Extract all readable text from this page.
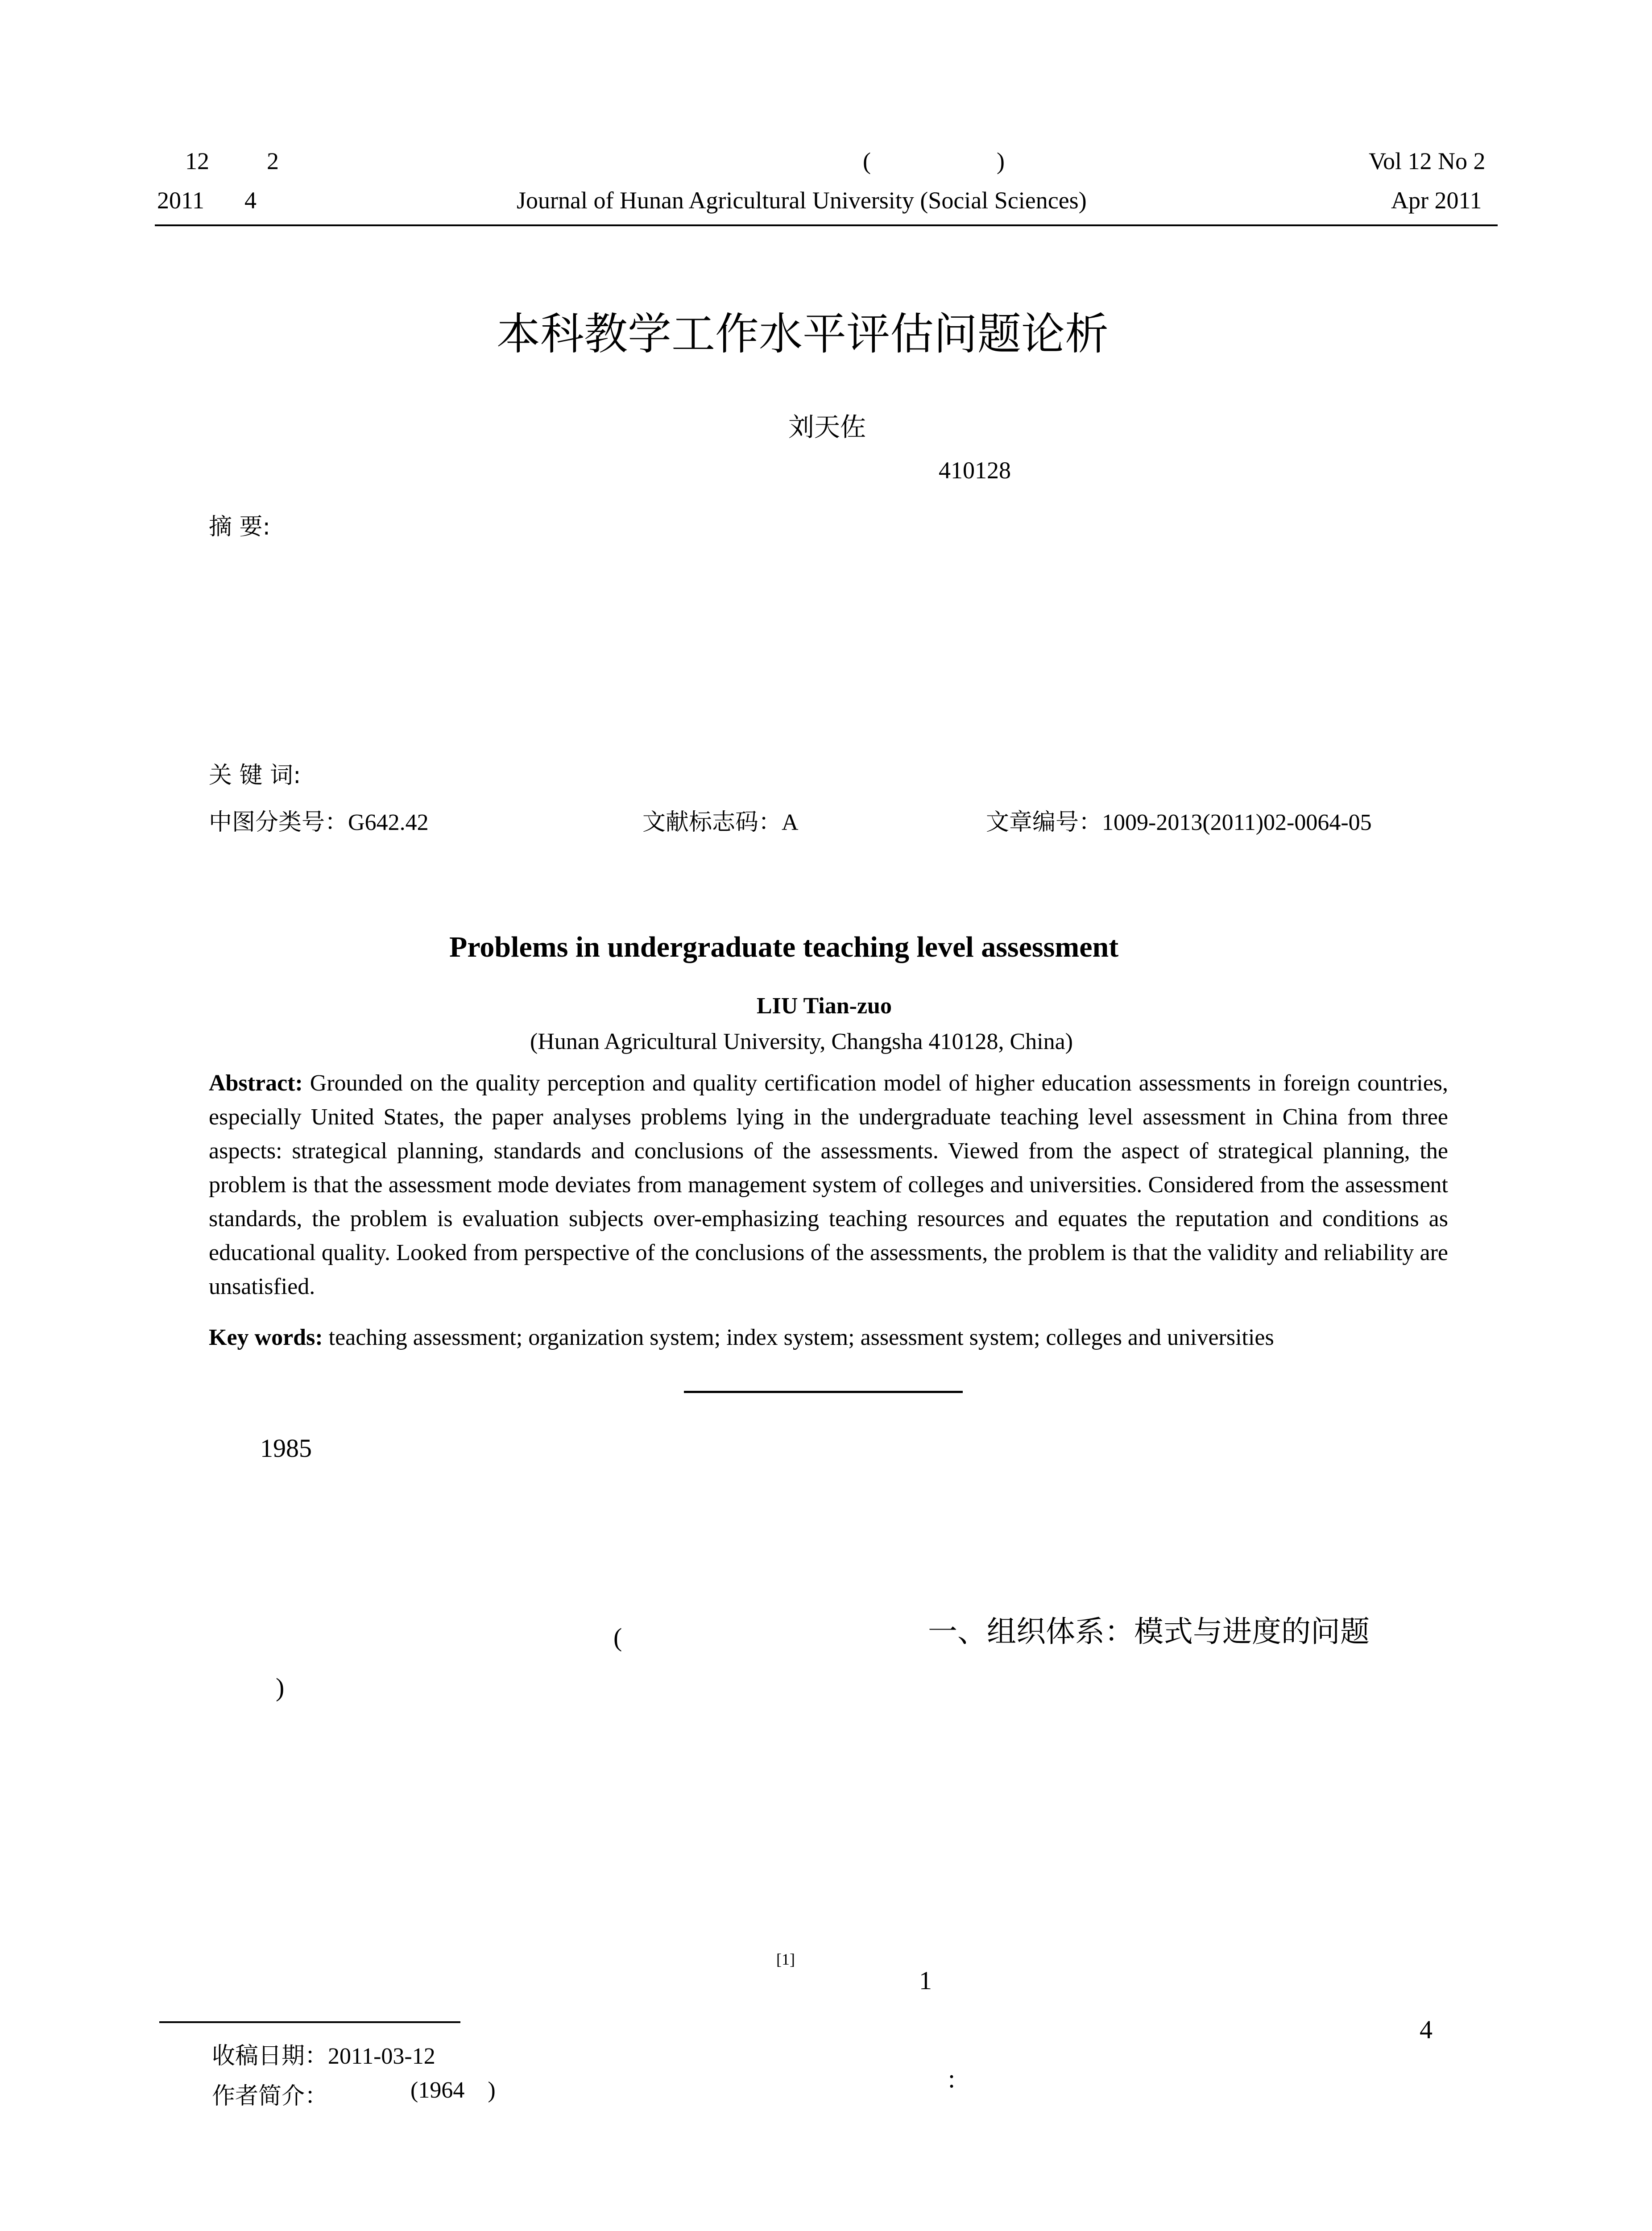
12 2	(	)	Vol 12 No 2
2011 4	Journal of Hunan Agricultural University (Social Sciences)	Apr 2011
本科教学工作水平评估问题论析
刘天佐
410128
摘 要:
关 键 词:
中图分类号：G642.42	文献标志码：A	文章编号：1009-2013(2011)02-0064-05
Problems in undergraduate teaching level assessment
LIU Tian-zuo
(Hunan Agricultural University, Changsha 410128, China)
Abstract: Grounded on the quality perception and quality certification model of higher education assessments in foreign countries, especially United States, the paper analyses problems lying in the undergraduate teaching level assessment in China from three aspects: strategical planning, standards and conclusions of the assessments. Viewed from the aspect of strategical planning, the problem is that the assessment mode deviates from management system of colleges and universities. Considered from the assessment standards, the problem is evaluation subjects over-emphasizing teaching resources and equates the reputation and conditions as educational quality. Looked from perspective of the conclusions of the assessments, the problem is that the validity and reliability are unsatisfied.
Key words: teaching assessment; organization system; index system; assessment system; colleges and universities
1985
(	一、组织体系：模式与进度的问题
)
[1]
1
4
:
收稿日期：2011-03-12
作者简介：	(1964    )
